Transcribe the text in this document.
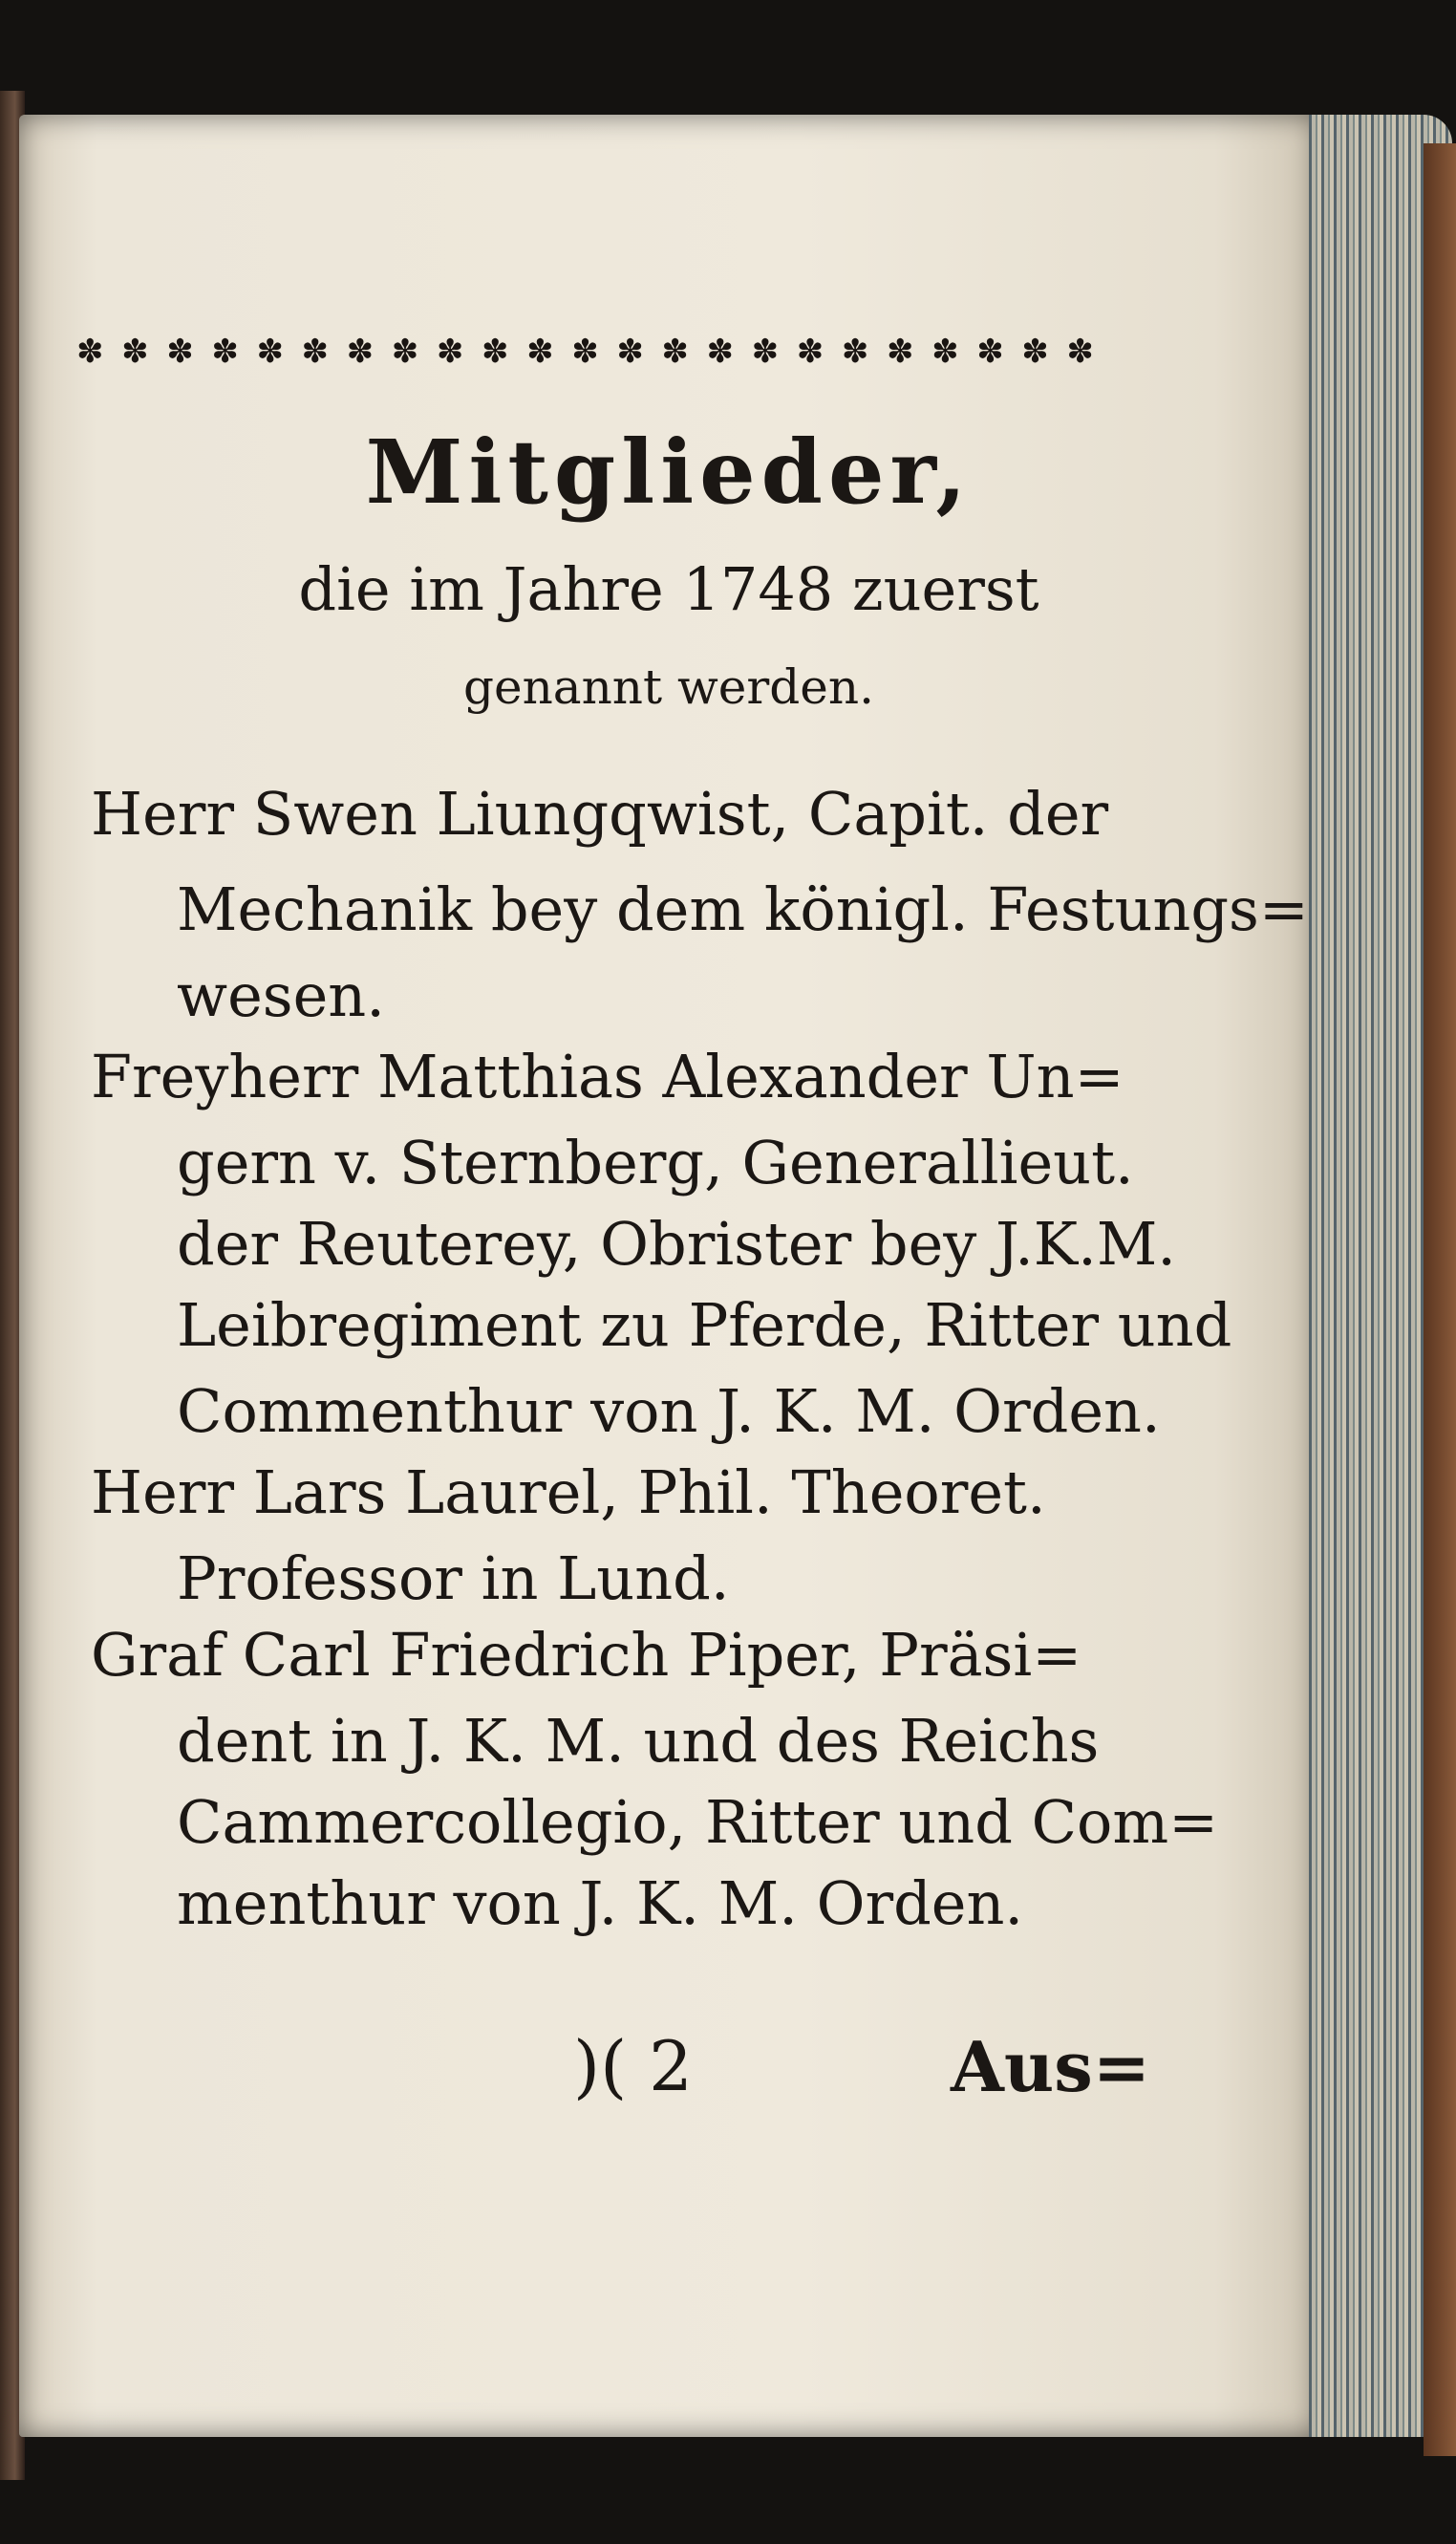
✽ ✽ ✽ ✽ ✽ ✽ ✽ ✽ ✽ ✽ ✽ ✽ ✽ ✽ ✽ ✽ ✽ ✽ ✽ ✽ ✽ ✽ ✽
Mitglieder,
die im Jahre 1748 zuerst
genannt werden.
Herr Swen Liungqwist, Capit. der
Mechanik bey dem königl. Festungs=
wesen.
Freyherr Matthias Alexander Un=
gern v. Sternberg, Generallieut.
der Reuterey, Obrister bey J.K.M.
Leibregiment zu Pferde, Ritter und
Commenthur von J. K. M. Orden.
Herr Lars Laurel, Phil. Theoret.
Professor in Lund.
Graf Carl Friedrich Piper, Präsi=
dent in J. K. M. und des Reichs
Cammercollegio, Ritter und Com=
menthur von J. K. M. Orden.
)( 2	Aus=
